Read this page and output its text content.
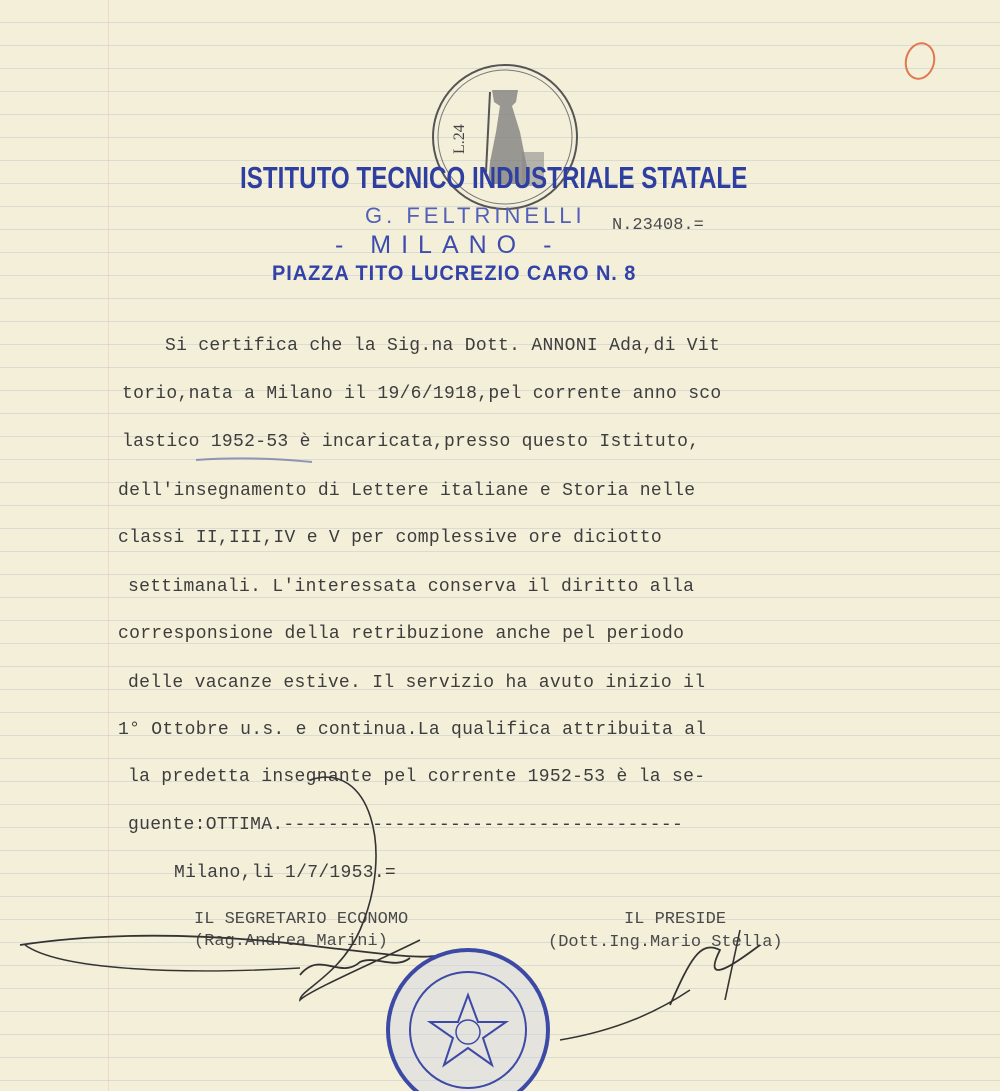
L.24
ISTITUTO TECNICO INDUSTRIALE STATALE
G. FELTRINELLI
- MILANO -
PIAZZA TITO LUCREZIO CARO N. 8
N.23408.=
Si certifica che la Sig.na Dott. ANNONI Ada,di Vit
torio,nata a Milano il 19/6/1918,pel corrente anno sco
lastico 1952-53 è incaricata,presso questo Istituto,
dell'insegnamento di Lettere italiane e Storia nelle
classi II,III,IV e V per complessive ore diciotto
settimanali. L'interessata conserva il diritto alla
corresponsione della retribuzione anche pel periodo
delle vacanze estive. Il servizio ha avuto inizio il
1° Ottobre u.s. e continua.La qualifica attribuita al
la predetta insegnante pel corrente 1952-53 è la se-
guente:OTTIMA.------------------------------------
Milano,li 1/7/1953.=
IL SEGRETARIO ECONOMO
(Rag.Andrea Marini)
IL PRESIDE
(Dott.Ing.Mario Stella)
